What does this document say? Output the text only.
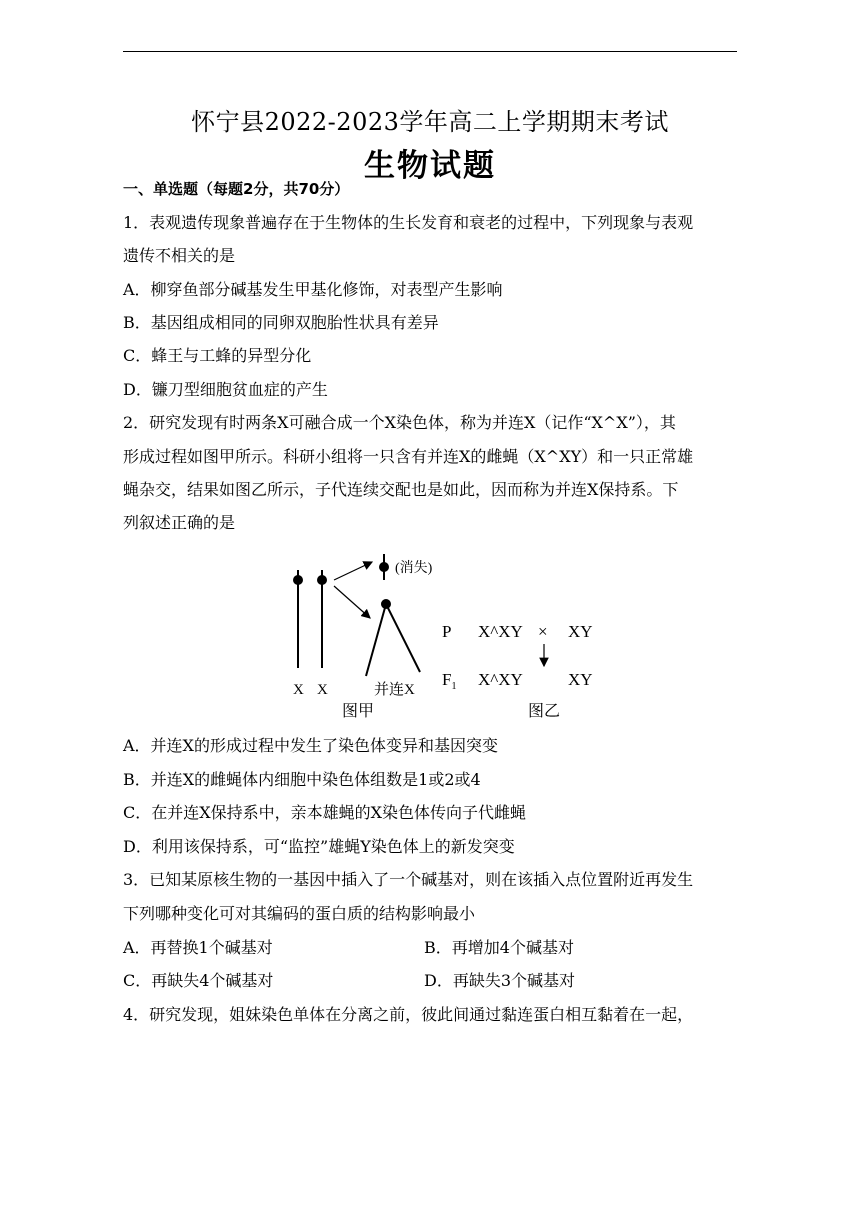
怀宁县2022-2023学年高二上学期期末考试
生物试题
一、单选题（每题2分，共70分）
1．表观遗传现象普遍存在于生物体的生长发育和衰老的过程中，下列现象与表观
遗传不相关的是
A．柳穿鱼部分碱基发生甲基化修饰，对表型产生影响
B．基因组成相同的同卵双胞胎性状具有差异
C．蜂王与工蜂的异型分化
D．镰刀型细胞贫血症的产生
2．研究发现有时两条X可融合成一个X染色体，称为并连X（记作“X^X”），其
形成过程如图甲所示。科研小组将一只含有并连X的雌蝇（X^XY）和一只正常雄
蝇杂交，结果如图乙所示，子代连续交配也是如此，因而称为并连X保持系。下
列叙述正确的是
(消失)
X X	并连X
P X^XY × XY
$F_1$ X^XY	XY
图甲	图乙
A．并连X的形成过程中发生了染色体变异和基因突变
B．并连X的雌蝇体内细胞中染色体组数是1或2或4
C．在并连X保持系中，亲本雄蝇的X染色体传向子代雌蝇
D．利用该保持系，可“监控”雄蝇Y染色体上的新发突变
3．已知某原核生物的一基因中插入了一个碱基对，则在该插入点位置附近再发生
下列哪种变化可对其编码的蛋白质的结构影响最小
A．再替换1个碱基对	B．再增加4个碱基对
C．再缺失4个碱基对	D．再缺失3个碱基对
4．研究发现，姐妹染色单体在分离之前，彼此间通过黏连蛋白相互黏着在一起，
